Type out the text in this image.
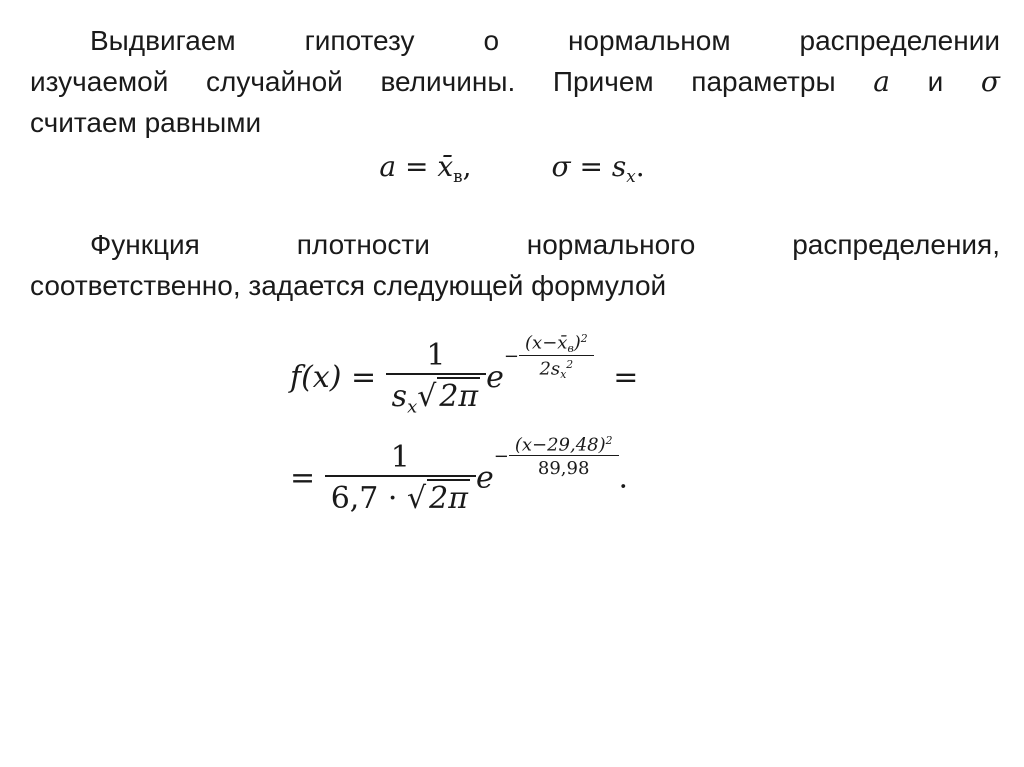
Выдвигаем гипотезу о нормальном распределении
изучаемой случайной величины. Причем параметры a и σ
считаем равными
$a = x̄_в$,	$\sigma = s_x$.
Функция плотности нормального распределения,
соответственно, задается следующей формулой
$f(x) = \frac{1}{s_x√ 2\pi} e- \frac{(x-x̄_в)^2}{2s_x^2}$ =
= $\frac{1}{6,7 \cdot √ 2\pi} e- \frac{(x-29,48)^2}{89,98}$ .
